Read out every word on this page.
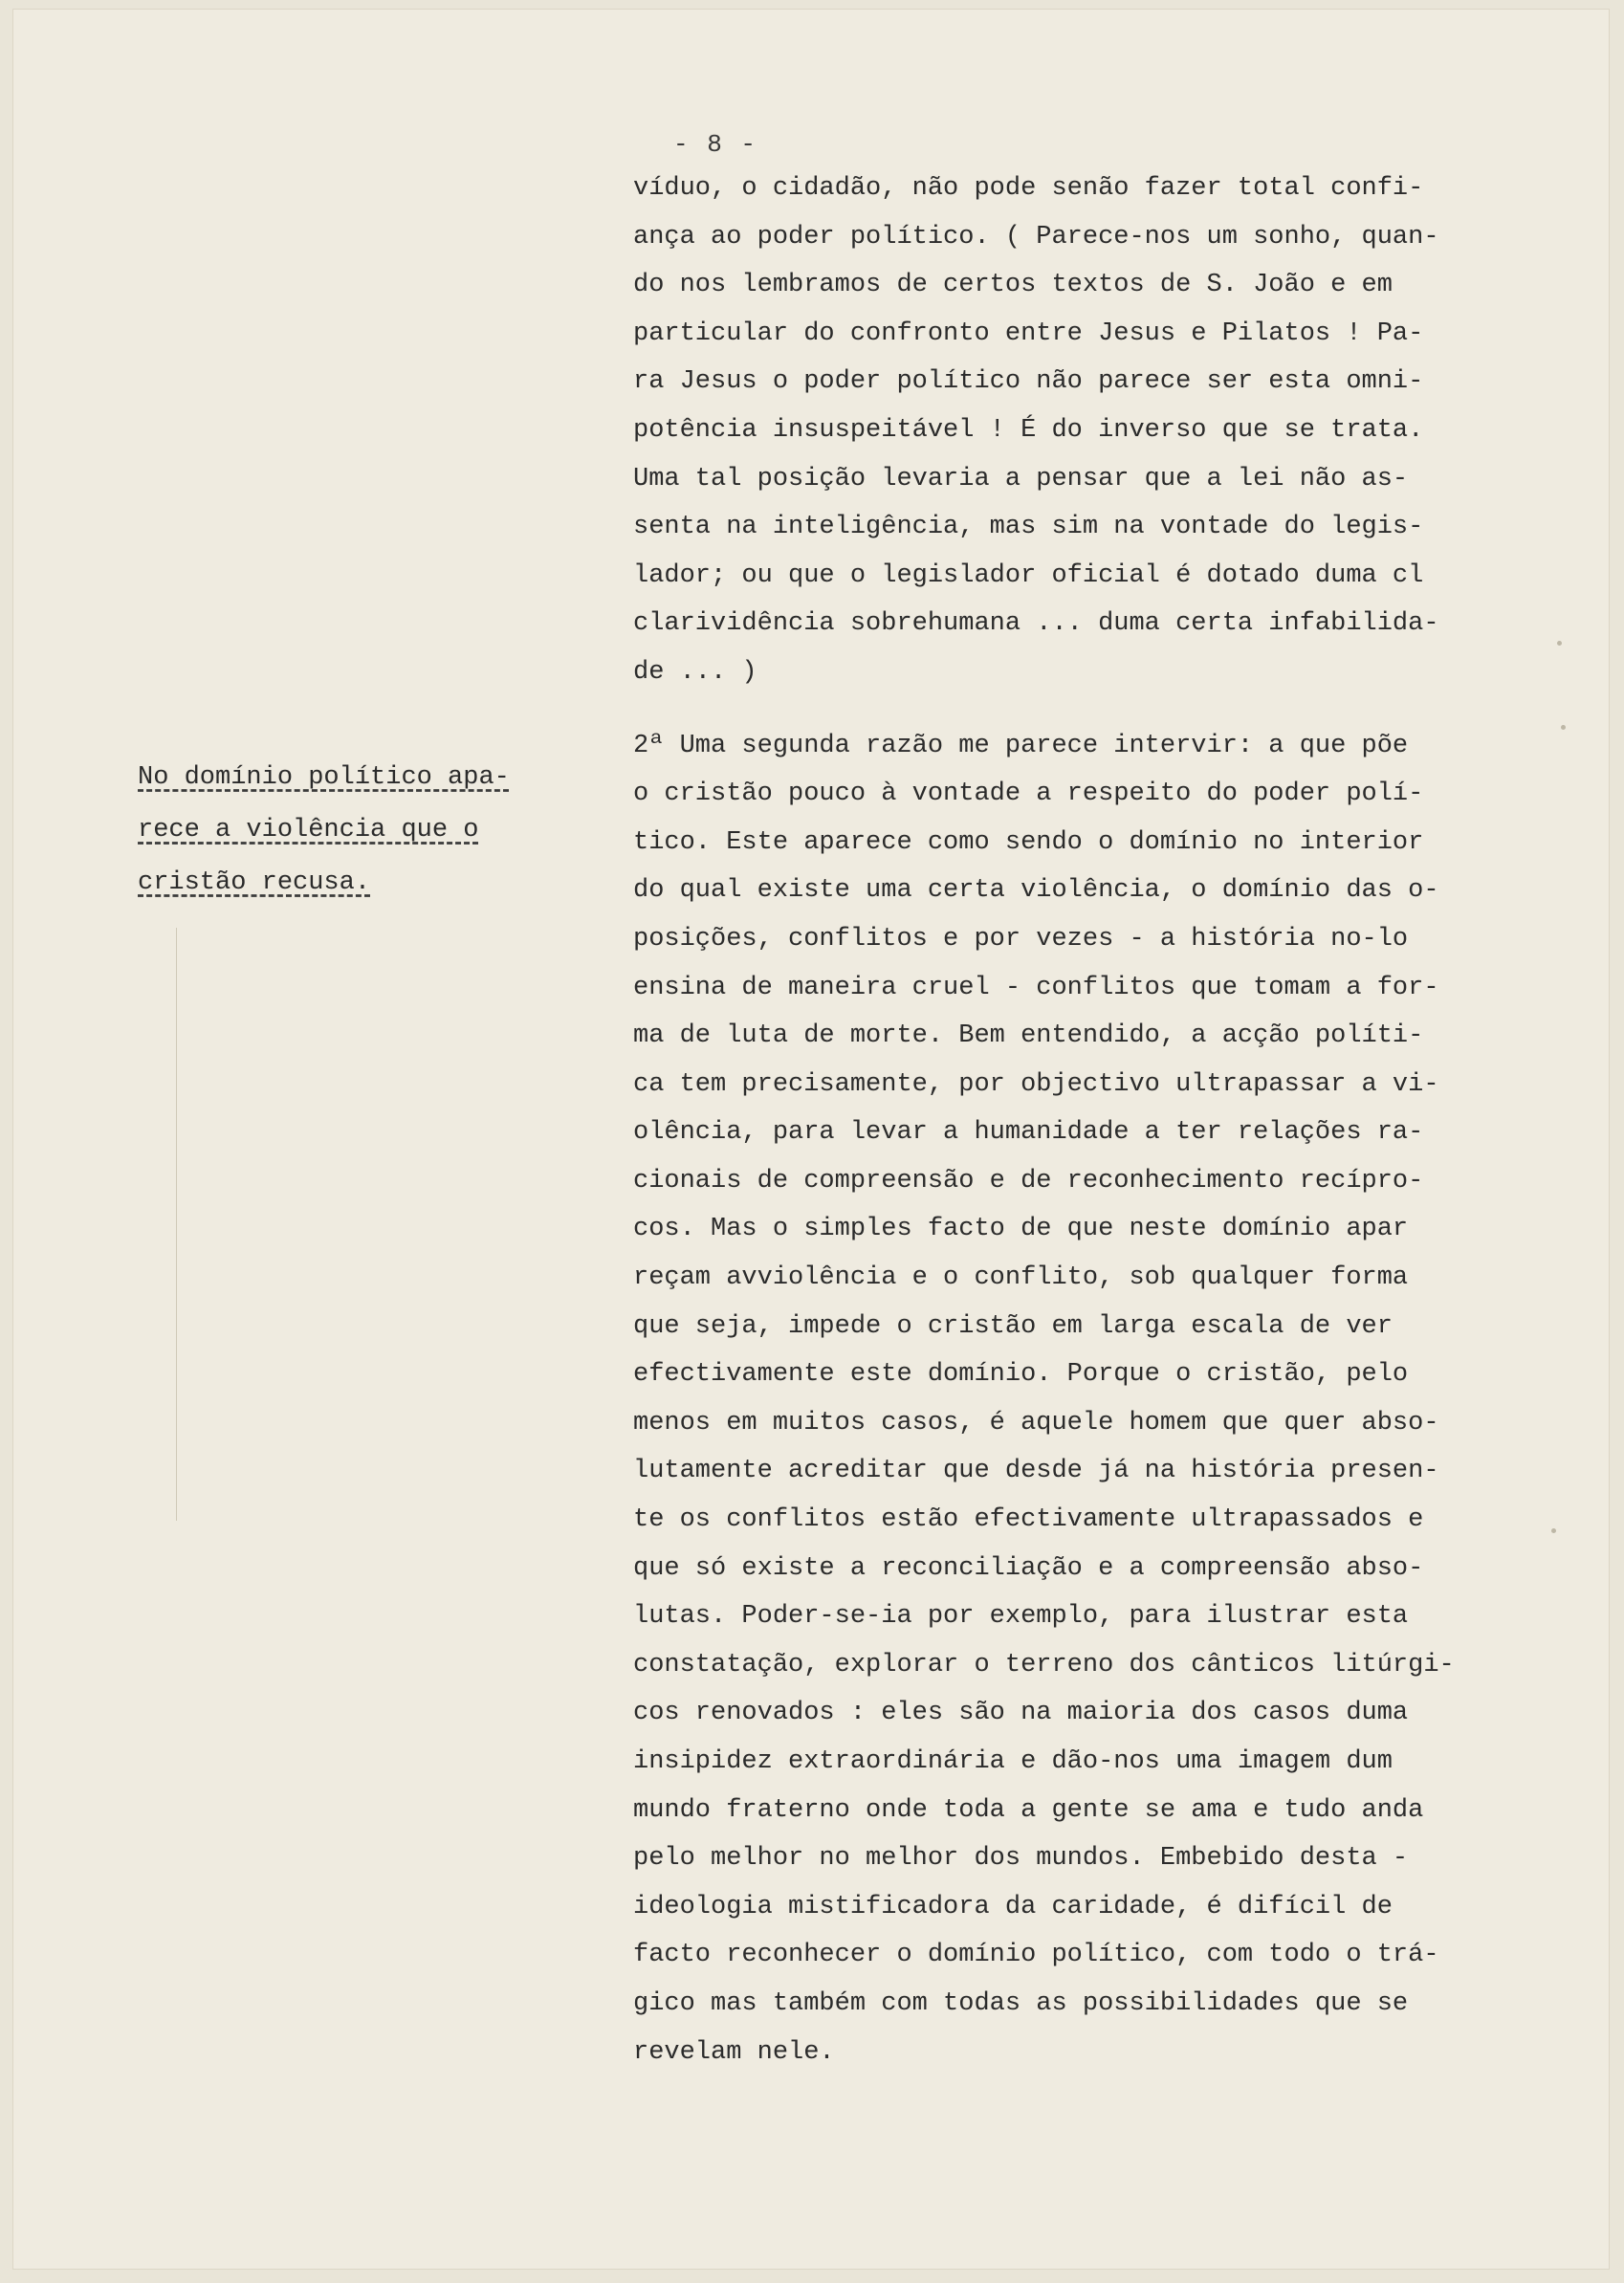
- 8 -

No domínio político apa-

rece a violência que o

cristão recusa.

víduo, o cidadão, não pode senão fazer total confi-

ança ao poder político. ( Parece-nos um sonho, quan-

do nos lembramos de certos textos de S. João e em

particular do confronto entre Jesus e Pilatos ! Pa-

ra Jesus o poder político não parece ser esta omni-

potência insuspeitável ! É do inverso que se trata.

Uma tal posição levaria a pensar que a lei não as-

senta na inteligência, mas sim na vontade do legis-

lador; ou que o legislador oficial é dotado duma cl

clarividência sobrehumana ... duma certa infabilida-

de ... )

2ª Uma segunda razão me parece intervir: a que põe

o cristão pouco à vontade a respeito do poder polí-

tico. Este aparece como sendo o domínio no interior

do qual existe uma certa violência, o domínio das o-

posições, conflitos e por vezes - a história no-lo

ensina de maneira cruel - conflitos que tomam a for-

ma de luta de morte. Bem entendido, a acção políti-

ca tem precisamente, por objectivo ultrapassar a vi-

olência, para levar a humanidade a ter relações ra-

cionais de compreensão e de reconhecimento recípro-

cos. Mas o simples facto de que neste domínio apar

reçam avviolência e o conflito, sob qualquer forma

que seja, impede o cristão em larga escala de ver

efectivamente este domínio. Porque o cristão, pelo

menos em muitos casos, é aquele homem que quer abso-

lutamente acreditar que desde já na história presen-

te os conflitos estão efectivamente ultrapassados e

que só existe a reconciliação e a compreensão abso-

lutas. Poder-se-ia por exemplo, para ilustrar esta

constatação, explorar o terreno dos cânticos litúrgi-

cos renovados : eles são na maioria dos casos duma

insipidez extraordinária e dão-nos uma imagem dum

mundo fraterno onde toda a gente se ama e tudo anda

pelo melhor no melhor dos mundos. Embebido desta -

ideologia mistificadora da caridade, é difícil de

facto reconhecer o domínio político, com todo o trá-

gico mas também com todas as possibilidades que se

revelam nele.
